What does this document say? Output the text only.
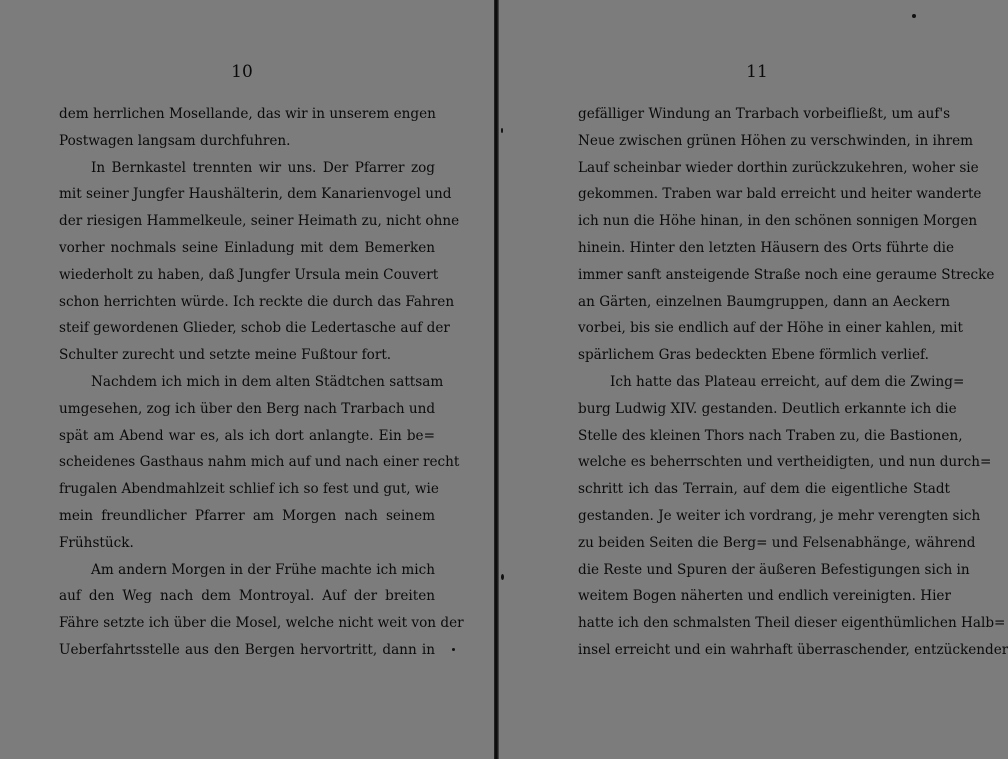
10

dem herrlichen Mosellande, das wir in unserem engen
Postwagen langsam durchfuhren.
In Bernkastel trennten wir uns. Der Pfarrer zog
mit seiner Jungfer Haushälterin, dem Kanarienvogel und
der riesigen Hammelkeule, seiner Heimath zu, nicht ohne
vorher nochmals seine Einladung mit dem Bemerken
wiederholt zu haben, daß Jungfer Ursula mein Couvert
schon herrichten würde. Ich reckte die durch das Fahren
steif gewordenen Glieder, schob die Ledertasche auf der
Schulter zurecht und setzte meine Fußtour fort.
Nachdem ich mich in dem alten Städtchen sattsam
umgesehen, zog ich über den Berg nach Trarbach und
spät am Abend war es, als ich dort anlangte. Ein be=
scheidenes Gasthaus nahm mich auf und nach einer recht
frugalen Abendmahlzeit schlief ich so fest und gut, wie
mein freundlicher Pfarrer am Morgen nach seinem
Frühstück.
Am andern Morgen in der Frühe machte ich mich
auf den Weg nach dem Montroyal. Auf der breiten
Fähre setzte ich über die Mosel, welche nicht weit von der
Ueberfahrtsstelle aus den Bergen hervortritt, dann in

11

gefälliger Windung an Trarbach vorbeifließt, um auf's
Neue zwischen grünen Höhen zu verschwinden, in ihrem
Lauf scheinbar wieder dorthin zurückzukehren, woher sie
gekommen. Traben war bald erreicht und heiter wanderte
ich nun die Höhe hinan, in den schönen sonnigen Morgen
hinein. Hinter den letzten Häusern des Orts führte die
immer sanft ansteigende Straße noch eine geraume Strecke
an Gärten, einzelnen Baumgruppen, dann an Aeckern
vorbei, bis sie endlich auf der Höhe in einer kahlen, mit
spärlichem Gras bedeckten Ebene förmlich verlief.
Ich hatte das Plateau erreicht, auf dem die Zwing=
burg Ludwig XIV. gestanden. Deutlich erkannte ich die
Stelle des kleinen Thors nach Traben zu, die Bastionen,
welche es beherrschten und vertheidigten, und nun durch=
schritt ich das Terrain, auf dem die eigentliche Stadt
gestanden. Je weiter ich vordrang, je mehr verengten sich
zu beiden Seiten die Berg= und Felsenabhänge, während
die Reste und Spuren der äußeren Befestigungen sich in
weitem Bogen näherten und endlich vereinigten. Hier
hatte ich den schmalsten Theil dieser eigenthümlichen Halb=
insel erreicht und ein wahrhaft überraschender, entzückender
